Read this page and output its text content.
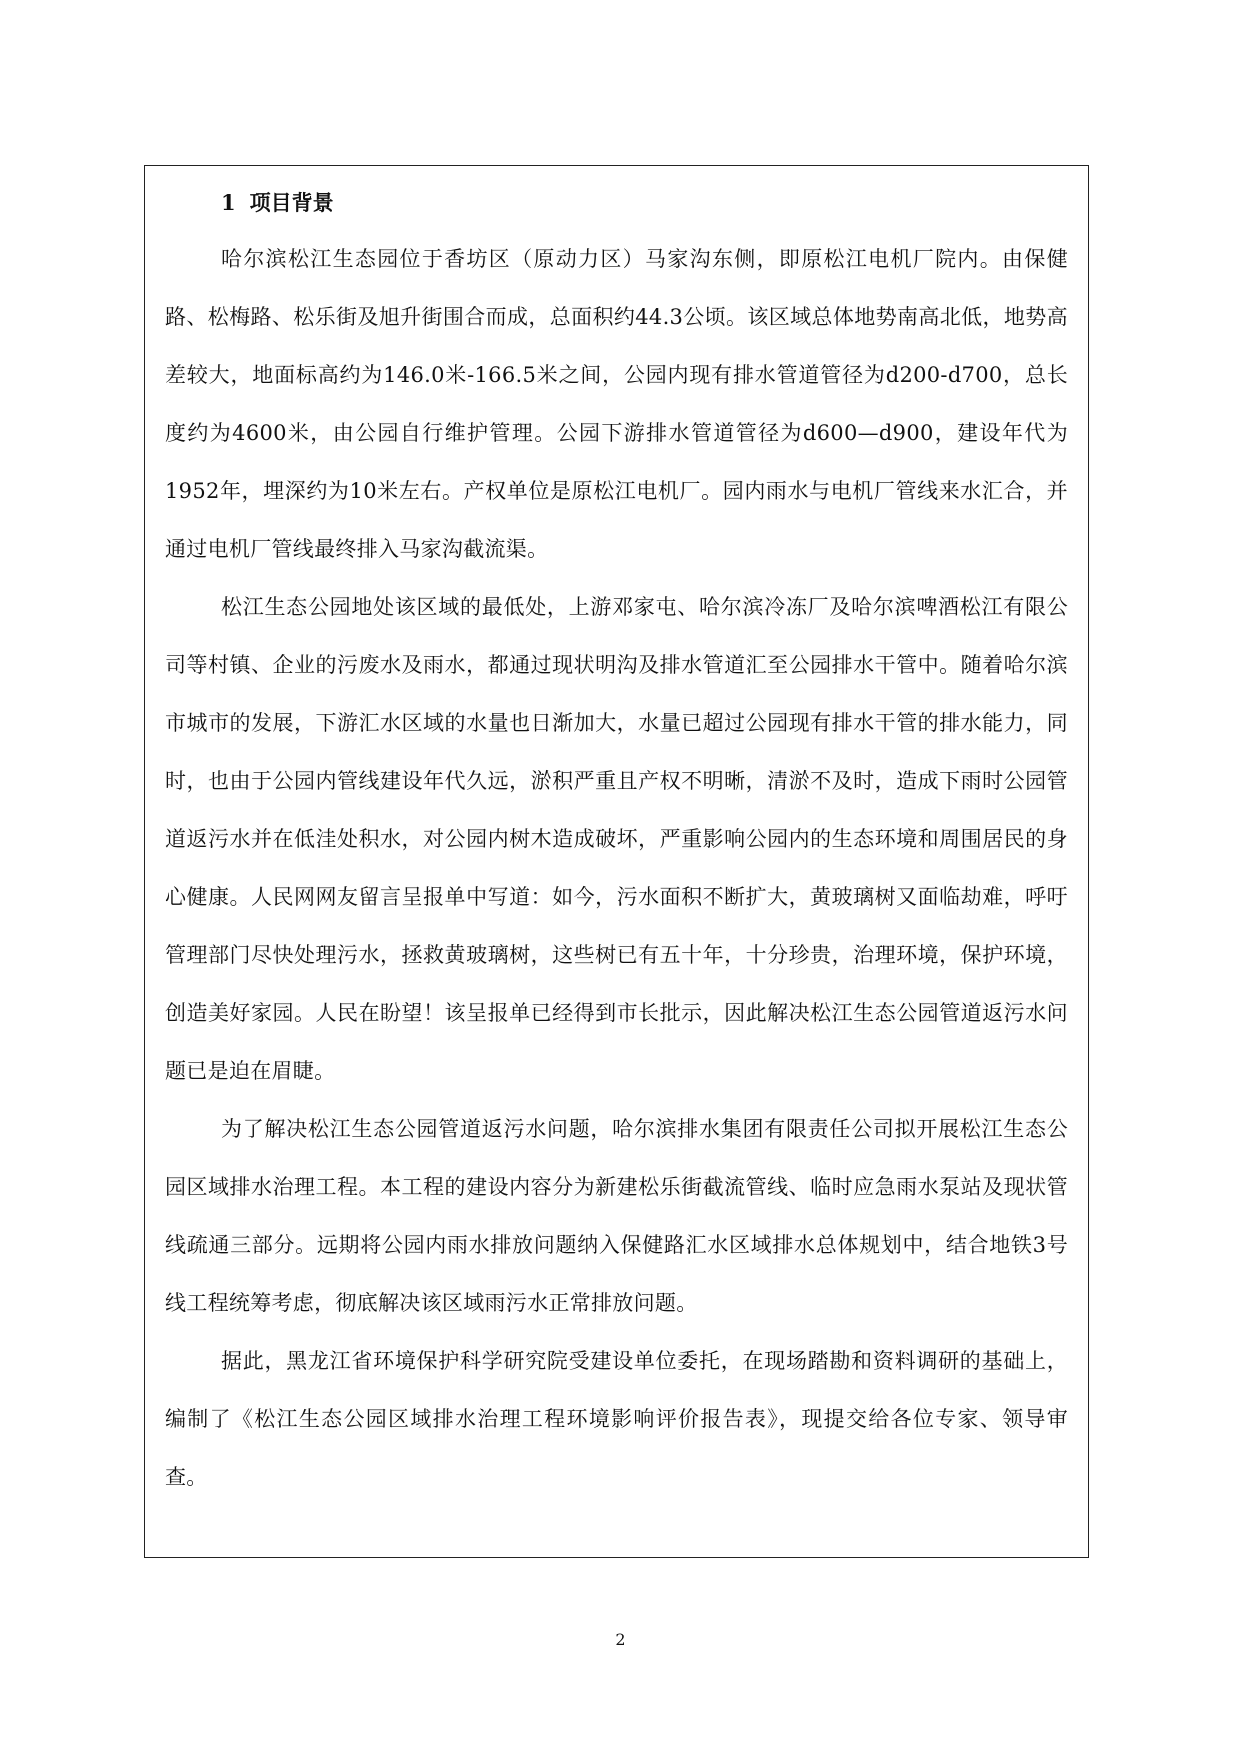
1 项目背景

哈尔滨松江生态园位于香坊区（原动力区）马家沟东侧，即原松江电机厂院内。由保健路、松梅路、松乐街及旭升街围合而成，总面积约44.3公顷。该区域总体地势南高北低，地势高差较大，地面标高约为146.0米-166.5米之间，公园内现有排水管道管径为d200-d700，总长度约为4600米，由公园自行维护管理。公园下游排水管道管径为d600—d900，建设年代为1952年，埋深约为10米左右。产权单位是原松江电机厂。园内雨水与电机厂管线来水汇合，并通过电机厂管线最终排入马家沟截流渠。

松江生态公园地处该区域的最低处，上游邓家屯、哈尔滨冷冻厂及哈尔滨啤酒松江有限公司等村镇、企业的污废水及雨水，都通过现状明沟及排水管道汇至公园排水干管中。随着哈尔滨市城市的发展，下游汇水区域的水量也日渐加大，水量已超过公园现有排水干管的排水能力，同时，也由于公园内管线建设年代久远，淤积严重且产权不明晰，清淤不及时，造成下雨时公园管道返污水并在低洼处积水，对公园内树木造成破坏，严重影响公园内的生态环境和周围居民的身心健康。人民网网友留言呈报单中写道：如今，污水面积不断扩大，黄玻璃树又面临劫难，呼吁管理部门尽快处理污水，拯救黄玻璃树，这些树已有五十年，十分珍贵，治理环境，保护环境，创造美好家园。人民在盼望！该呈报单已经得到市长批示，因此解决松江生态公园管道返污水问题已是迫在眉睫。

为了解决松江生态公园管道返污水问题，哈尔滨排水集团有限责任公司拟开展松江生态公园区域排水治理工程。本工程的建设内容分为新建松乐街截流管线、临时应急雨水泵站及现状管线疏通三部分。远期将公园内雨水排放问题纳入保健路汇水区域排水总体规划中，结合地铁3号线工程统筹考虑，彻底解决该区域雨污水正常排放问题。

据此，黑龙江省环境保护科学研究院受建设单位委托，在现场踏勘和资料调研的基础上，编制了《松江生态公园区域排水治理工程环境影响评价报告表》，现提交给各位专家、领导审查。

2
